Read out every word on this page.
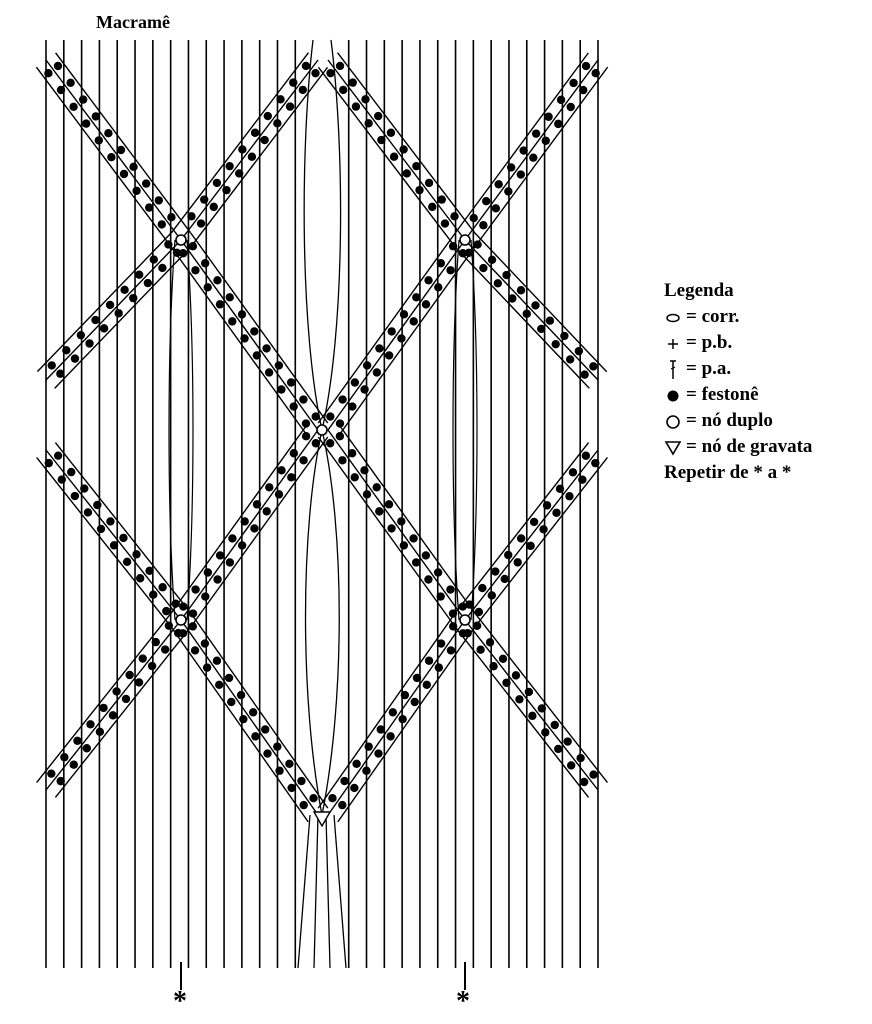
Macramê
Legenda
= corr.
= p.b.
= p.a.
= festonê
= nó duplo
= nó de gravata
Repetir de * a *
*	*
